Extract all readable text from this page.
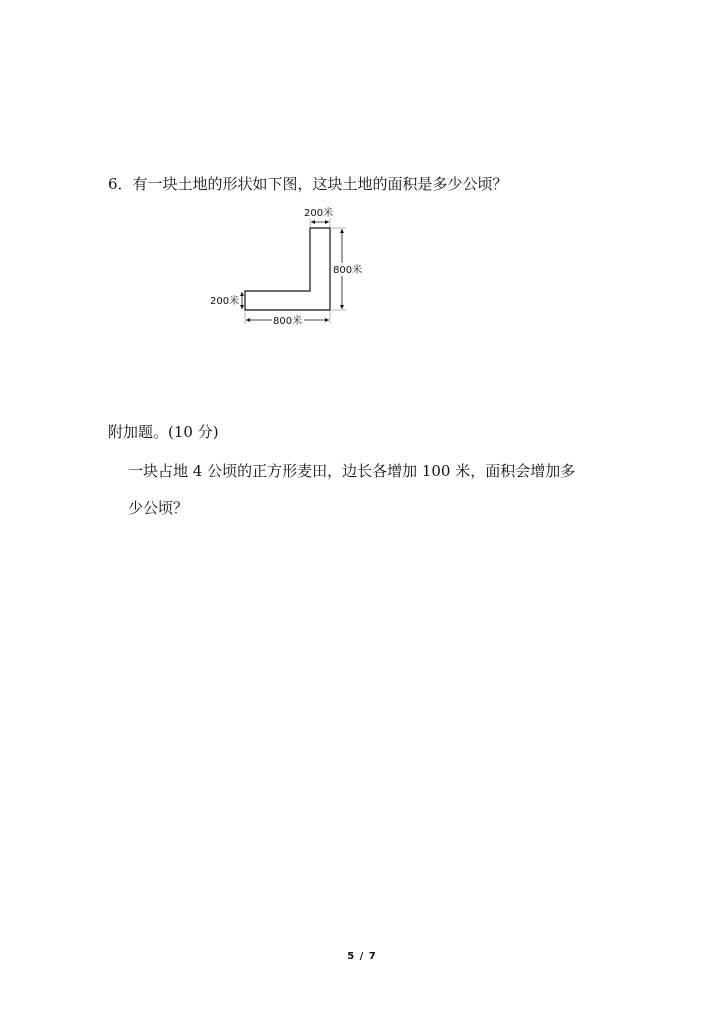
6．有一块土地的形状如下图，这块土地的面积是多少公顷？
200米
800米
200米
800米
附加题。(10 分)
一块占地 4 公顷的正方形麦田，边长各增加 100 米，面积会增加多
少公顷？
5 / 7
